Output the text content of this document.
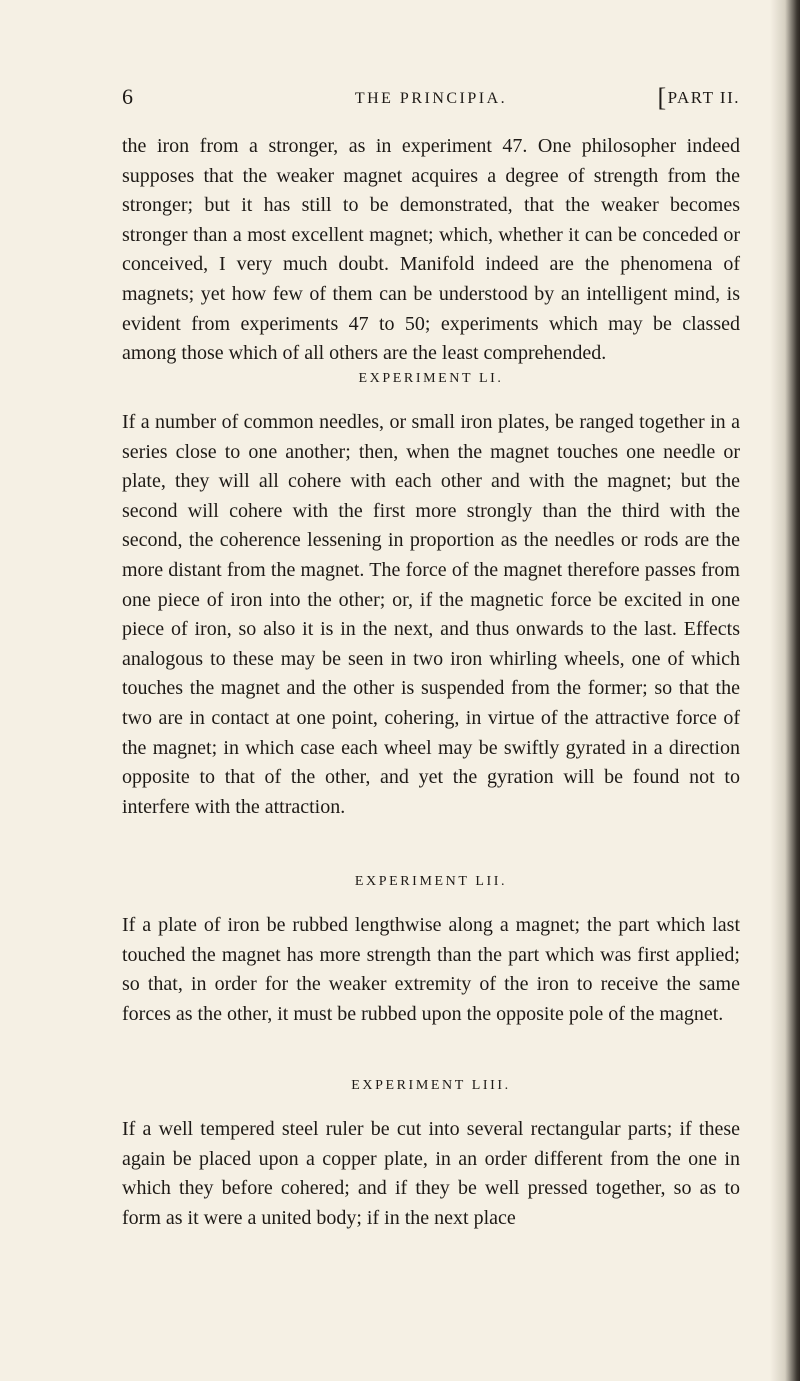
6	THE PRINCIPIA.	[PART II.

the iron from a stronger, as in experiment 47. One philosopher indeed supposes that the weaker magnet acquires a degree of strength from the stronger; but it has still to be demonstrated, that the weaker becomes stronger than a most excellent magnet; which, whether it can be conceded or conceived, I very much doubt. Manifold indeed are the phenomena of magnets; yet how few of them can be understood by an intelligent mind, is evident from experiments 47 to 50; experiments which may be classed among those which of all others are the least comprehended.

EXPERIMENT LI.

If a number of common needles, or small iron plates, be ranged together in a series close to one another; then, when the magnet touches one needle or plate, they will all cohere with each other and with the magnet; but the second will cohere with the first more strongly than the third with the second, the coherence lessening in proportion as the needles or rods are the more distant from the magnet. The force of the magnet therefore passes from one piece of iron into the other; or, if the magnetic force be excited in one piece of iron, so also it is in the next, and thus onwards to the last. Effects analogous to these may be seen in two iron whirling wheels, one of which touches the magnet and the other is suspended from the former; so that the two are in contact at one point, cohering, in virtue of the attractive force of the magnet; in which case each wheel may be swiftly gyrated in a direction opposite to that of the other, and yet the gyration will be found not to interfere with the attraction.

EXPERIMENT LII.

If a plate of iron be rubbed lengthwise along a magnet; the part which last touched the magnet has more strength than the part which was first applied; so that, in order for the weaker extremity of the iron to receive the same forces as the other, it must be rubbed upon the opposite pole of the magnet.

EXPERIMENT LIII.

If a well tempered steel ruler be cut into several rectangular parts; if these again be placed upon a copper plate, in an order different from the one in which they before cohered; and if they be well pressed together, so as to form as it were a united body; if in the next place
